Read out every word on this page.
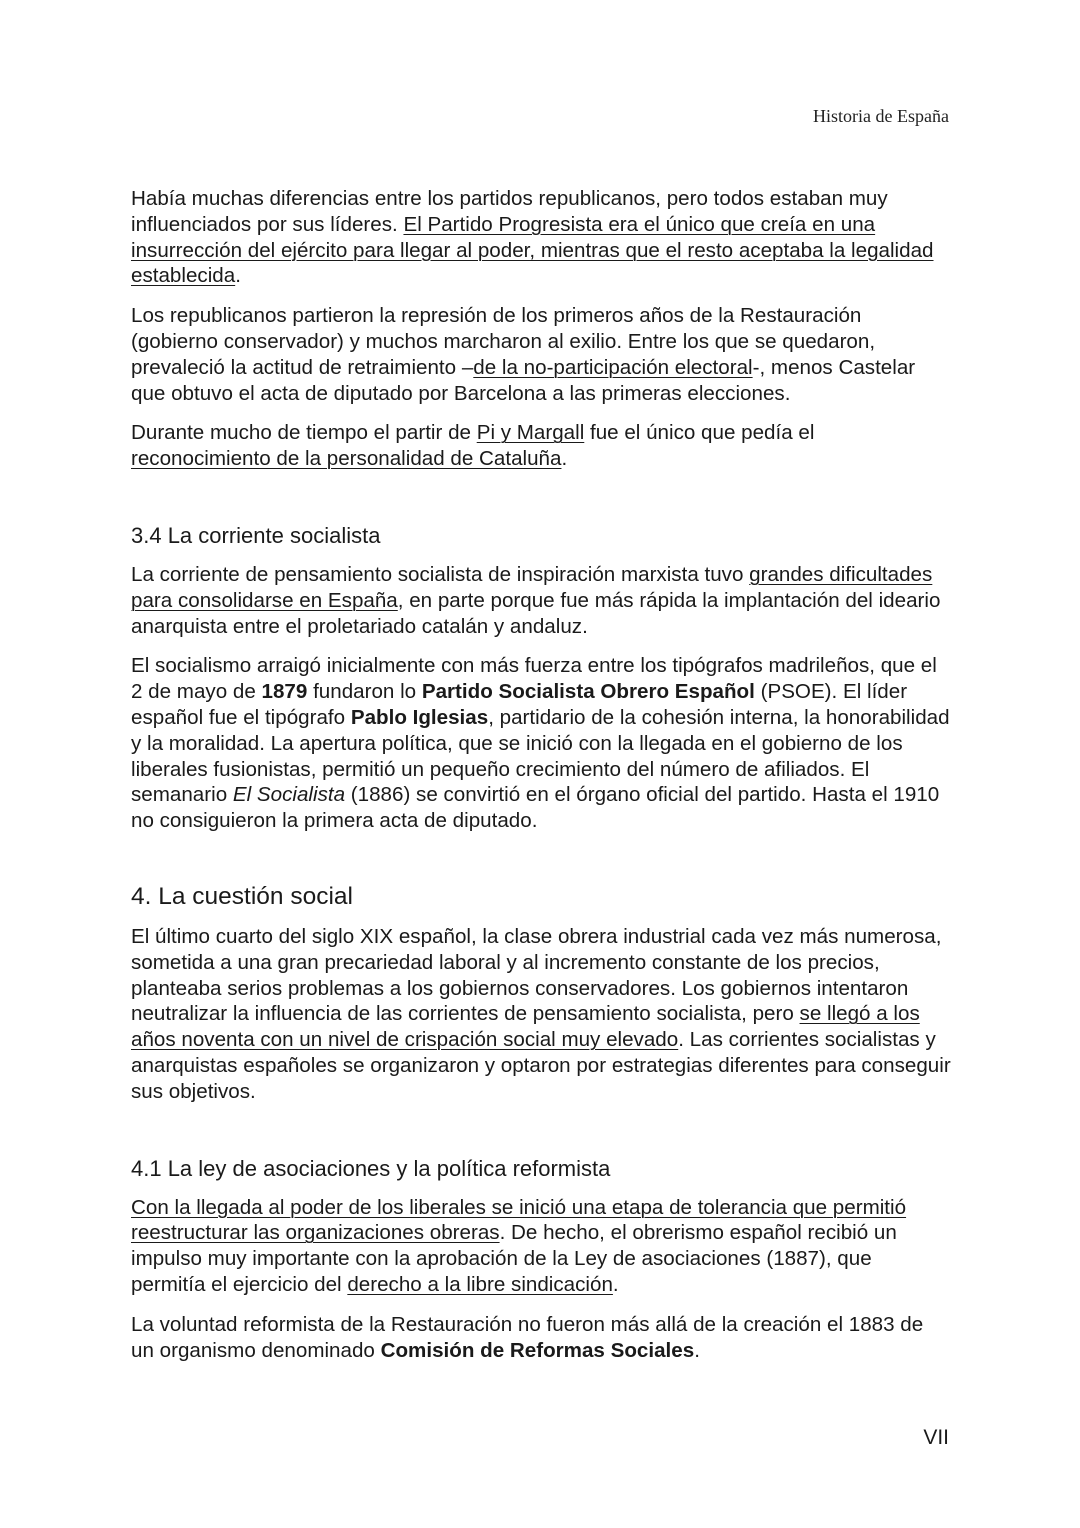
Historia de España

Había muchas diferencias entre los partidos republicanos, pero todos estaban muy influenciados por sus líderes. El Partido Progresista era el único que creía en una insurrección del ejército para llegar al poder, mientras que el resto aceptaba la legalidad establecida.

Los republicanos partieron la represión de los primeros años de la Restauración (gobierno conservador) y muchos marcharon al exilio. Entre los que se quedaron, prevaleció la actitud de retraimiento –de la no-participación electoral-, menos Castelar que obtuvo el acta de diputado por Barcelona a las primeras elecciones.

Durante mucho de tiempo el partir de Pi y Margall fue el único que pedía el reconocimiento de la personalidad de Cataluña.

3.4 La corriente socialista

La corriente de pensamiento socialista de inspiración marxista tuvo grandes dificultades para consolidarse en España, en parte porque fue más rápida la implantación del ideario anarquista entre el proletariado catalán y andaluz.

El socialismo arraigó inicialmente con más fuerza entre los tipógrafos madrileños, que el 2 de mayo de 1879 fundaron lo Partido Socialista Obrero Español (PSOE). El líder español fue el tipógrafo Pablo Iglesias, partidario de la cohesión interna, la honorabilidad y la moralidad. La apertura política, que se inició con la llegada en el gobierno de los liberales fusionistas, permitió un pequeño crecimiento del número de afiliados. El semanario El Socialista (1886) se convirtió en el órgano oficial del partido. Hasta el 1910 no consiguieron la primera acta de diputado.

4. La cuestión social

El último cuarto del siglo XIX español, la clase obrera industrial cada vez más numerosa, sometida a una gran precariedad laboral y al incremento constante de los precios, planteaba serios problemas a los gobiernos conservadores. Los gobiernos intentaron neutralizar la influencia de las corrientes de pensamiento socialista, pero se llegó a los años noventa con un nivel de crispación social muy elevado. Las corrientes socialistas y anarquistas españoles se organizaron y optaron por estrategias diferentes para conseguir sus objetivos.

4.1 La ley de asociaciones y la política reformista

Con la llegada al poder de los liberales se inició una etapa de tolerancia que permitió reestructurar las organizaciones obreras. De hecho, el obrerismo español recibió un impulso muy importante con la aprobación de la Ley de asociaciones (1887), que permitía el ejercicio del derecho a la libre sindicación.

La voluntad reformista de la Restauración no fueron más allá de la creación el 1883 de un organismo denominado Comisión de Reformas Sociales.

VII
